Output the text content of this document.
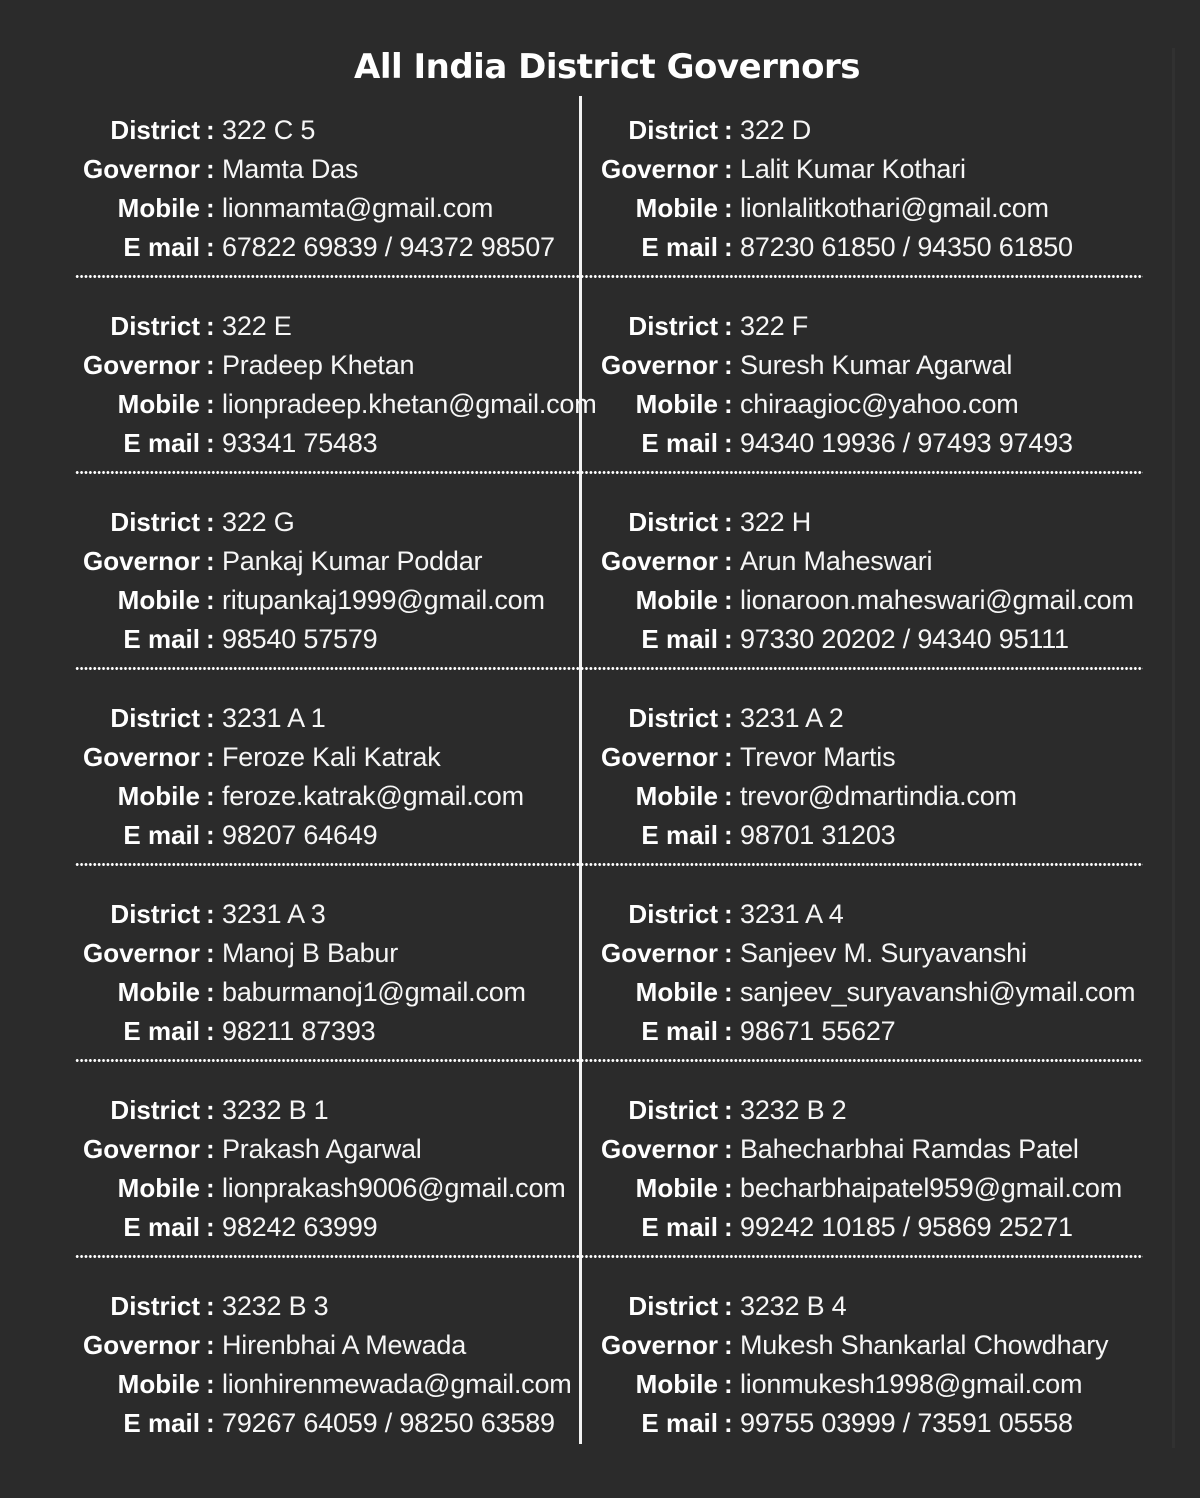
All India District Governors
District : 322 C 5
Governor : Mamta Das
Mobile : lionmamta@gmail.com
E mail : 67822 69839 / 94372 98507
District : 322 D
Governor : Lalit Kumar Kothari
Mobile : lionlalitkothari@gmail.com
E mail : 87230 61850 / 94350 61850
District : 322 E
Governor : Pradeep Khetan
Mobile : lionpradeep.khetan@gmail.com
E mail : 93341 75483
District : 322 F
Governor : Suresh Kumar Agarwal
Mobile : chiraagioc@yahoo.com
E mail : 94340 19936 / 97493 97493
District : 322 G
Governor : Pankaj Kumar Poddar
Mobile : ritupankaj1999@gmail.com
E mail : 98540 57579
District : 322 H
Governor : Arun Maheswari
Mobile : lionaroon.maheswari@gmail.com
E mail : 97330 20202 / 94340 95111
District : 3231 A 1
Governor : Feroze Kali Katrak
Mobile : feroze.katrak@gmail.com
E mail : 98207 64649
District : 3231 A 2
Governor : Trevor Martis
Mobile : trevor@dmartindia.com
E mail : 98701 31203
District : 3231 A 3
Governor : Manoj B Babur
Mobile : baburmanoj1@gmail.com
E mail : 98211 87393
District : 3231 A 4
Governor : Sanjeev M. Suryavanshi
Mobile : sanjeev_suryavanshi@ymail.com
E mail : 98671 55627
District : 3232 B 1
Governor : Prakash Agarwal
Mobile : lionprakash9006@gmail.com
E mail : 98242 63999
District : 3232 B 2
Governor : Bahecharbhai Ramdas Patel
Mobile : becharbhaipatel959@gmail.com
E mail : 99242 10185 / 95869 25271
District : 3232 B 3
Governor : Hirenbhai A Mewada
Mobile : lionhirenmewada@gmail.com
E mail : 79267 64059 / 98250 63589
District : 3232 B 4
Governor : Mukesh Shankarlal Chowdhary
Mobile : lionmukesh1998@gmail.com
E mail : 99755 03999 / 73591 05558
